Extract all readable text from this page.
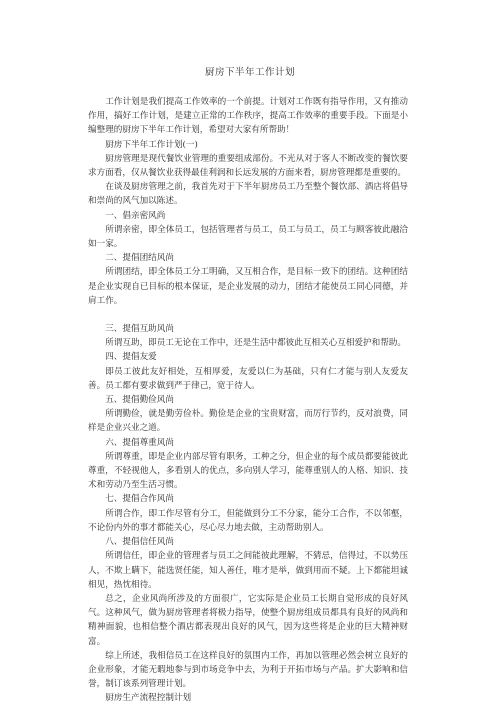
厨房下半年工作计划

工作计划是我们提高工作效率的一个前提。计划对工作既有指导作用，又有推动作用，搞好工作计划，是建立正常的工作秩序，提高工作效率的重要手段。下面是小编整理的厨房下半年工作计划，希望对大家有所帮助！

厨房下半年工作计划(一)

厨房管理是现代餐饮业管理的重要组成部份。不光从对于客人不断改变的餐饮要求方面看，仅从餐饮业获得最佳利润和长远发展的方面来看，厨房管理都是重要的。

在谈及厨房管理之前，我首先对于下半年厨房员工乃至整个餐饮部、酒店将倡导和崇尚的风气加以陈述。

一、倡亲密风尚

所谓亲密，即全体员工，包括管理者与员工，员工与员工，员工与顾客彼此融洽如一家。

二、提倡团结风尚

所谓团结，即全体员工分工明确，又互相合作，是目标一致下的团结。这种团结是企业实现自已目标的根本保证，是企业发展的动力，团结才能使员工同心同德，并肩工作。

三、提倡互助风尚

所谓互助，即员工无论在工作中，还是生活中都彼此互相关心互相爱护和帮助。

四、提倡友爱

即员工彼此友好相处，互相厚爱，友爱以仁为基础，只有仁才能与别人友爱友善。员工都有要求做到严于律己，宽于待人。

五、提倡勤俭风尚

所谓勤俭，就是勤劳俭朴。勤俭是企业的宝贵财富，而厉行节约，反对浪费，同样是企业兴业之道。

六、提倡尊重风尚

所谓尊重，即是企业内部尽管有职务，工种之分，但企业的每个成员都要能彼此尊重，不轻视他人，多看别人的优点，多向别人学习，能尊重别人的人格、知识、技术和劳动乃至生活习惯。

七、提倡合作风尚

所谓合作，即工作尽管有分工，但能做到分工不分家，能分工合作，不以邻壑，不论份内外的事才都能关心，尽心尽力地去做，主动帮助别人。

八、提倡信任风尚

所谓信任，即企业的管理者与员工之间能彼此理解，不猜忌，信得过，不以势压人，不欺上瞒下，能选贤任能，知人善任，唯才是举，做到用而不疑。上下都能坦诚相见，热忱相待。

总之，企业风尚所涉及的方面很广，它实际是企业员工长期自觉形成的良好风气。这种风气，做为厨房管理者将极力指导，使整个厨房组成员都具有良好的风尚和精神面貌，也相信整个酒店都表现出良好的风气，因为这些将是企业的巨大精神财富。

综上所述，我相信员工在这样良好的氛围内工作，再加以管理必然会树立良好的企业形象，才能无暇地参与到市场竞争中去，为利于开拓市场与产品。扩大影响和信誉，制订该系列管理计划。

厨房生产流程控制计划
